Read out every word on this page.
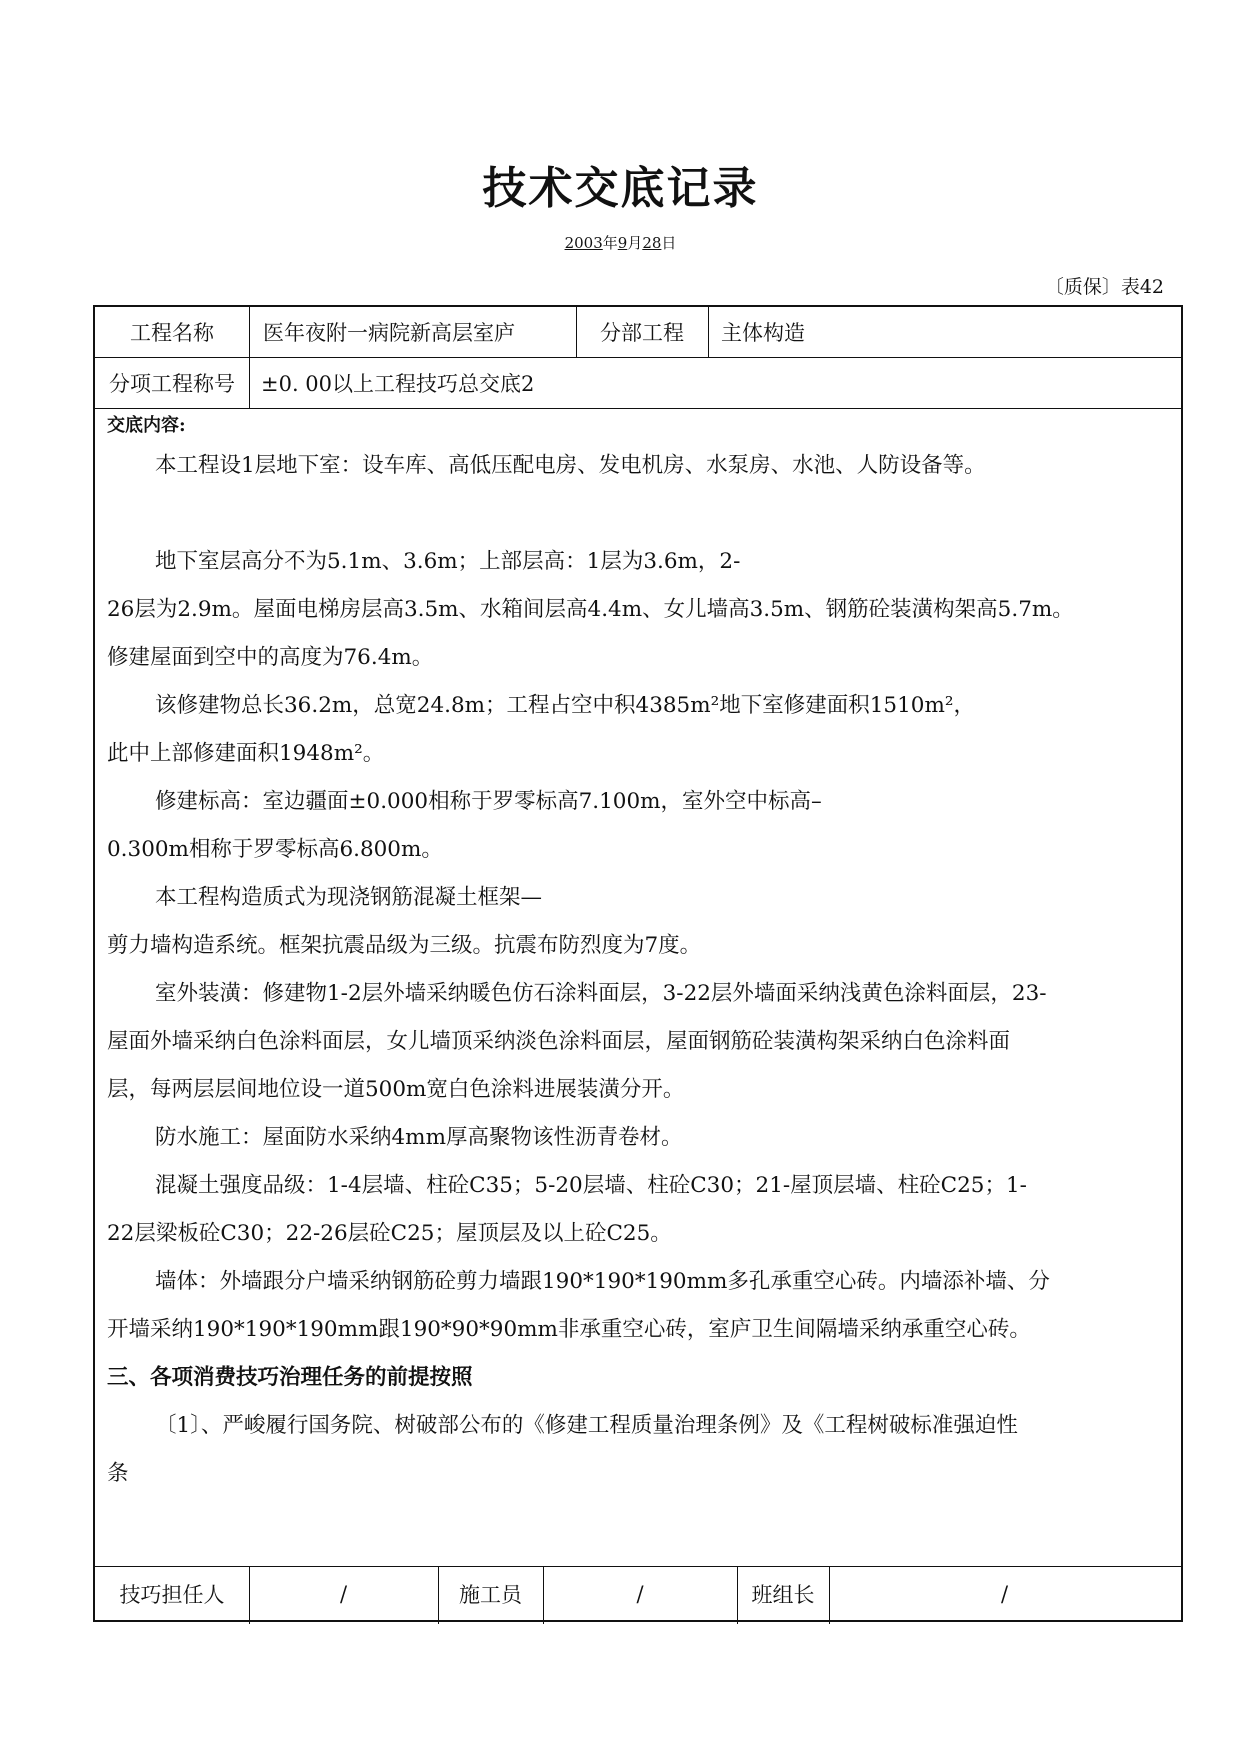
技术交底记录
2003年9月28日
〔质保〕表42
工程名称	医年夜附一病院新高层室庐	分部工程	主体构造
分项工程称号	±0. 00以上工程技巧总交底2

交底内容:

本工程设1层地下室：设车库、高低压配电房、发电机房、水泵房、水池、人防设备等。

地下室层高分不为5.1m、3.6m；上部层高：1层为3.6m，2-

26层为2.9m。屋面电梯房层高3.5m、水箱间层高4.4m、女儿墙高3.5m、钢筋砼装潢构架高5.7m。

修建屋面到空中的高度为76.4m。

该修建物总长36.2m，总宽24.8m；工程占空中积4385m²地下室修建面积1510m²，

此中上部修建面积1948m²。

修建标高：室边疆面±0.000相称于罗零标高7.100m，室外空中标高–

0.300m相称于罗零标高6.800m。

本工程构造质式为现浇钢筋混凝土框架—

剪力墙构造系统。框架抗震品级为三级。抗震布防烈度为7度。

室外装潢：修建物1-2层外墙采纳暖色仿石涂料面层，3-22层外墙面采纳浅黄色涂料面层，23-

屋面外墙采纳白色涂料面层，女儿墙顶采纳淡色涂料面层，屋面钢筋砼装潢构架采纳白色涂料面

层，每两层层间地位设一道500m宽白色涂料进展装潢分开。

防水施工：屋面防水采纳4mm厚高聚物该性沥青卷材。

混凝土强度品级：1-4层墙、柱砼C35；5-20层墙、柱砼C30；21-屋顶层墙、柱砼C25；1-

22层梁板砼C30；22-26层砼C25；屋顶层及以上砼C25。

墙体：外墙跟分户墙采纳钢筋砼剪力墙跟190*190*190mm多孔承重空心砖。内墙添补墙、分

开墙采纳190*190*190mm跟190*90*90mm非承重空心砖，室庐卫生间隔墙采纳承重空心砖。

三、各项消费技巧治理任务的前提按照

〔1〕、严峻履行国务院、树破部公布的《修建工程质量治理条例》及《工程树破标准强迫性

条

技巧担任人	/	施工员	/	班组长	/
